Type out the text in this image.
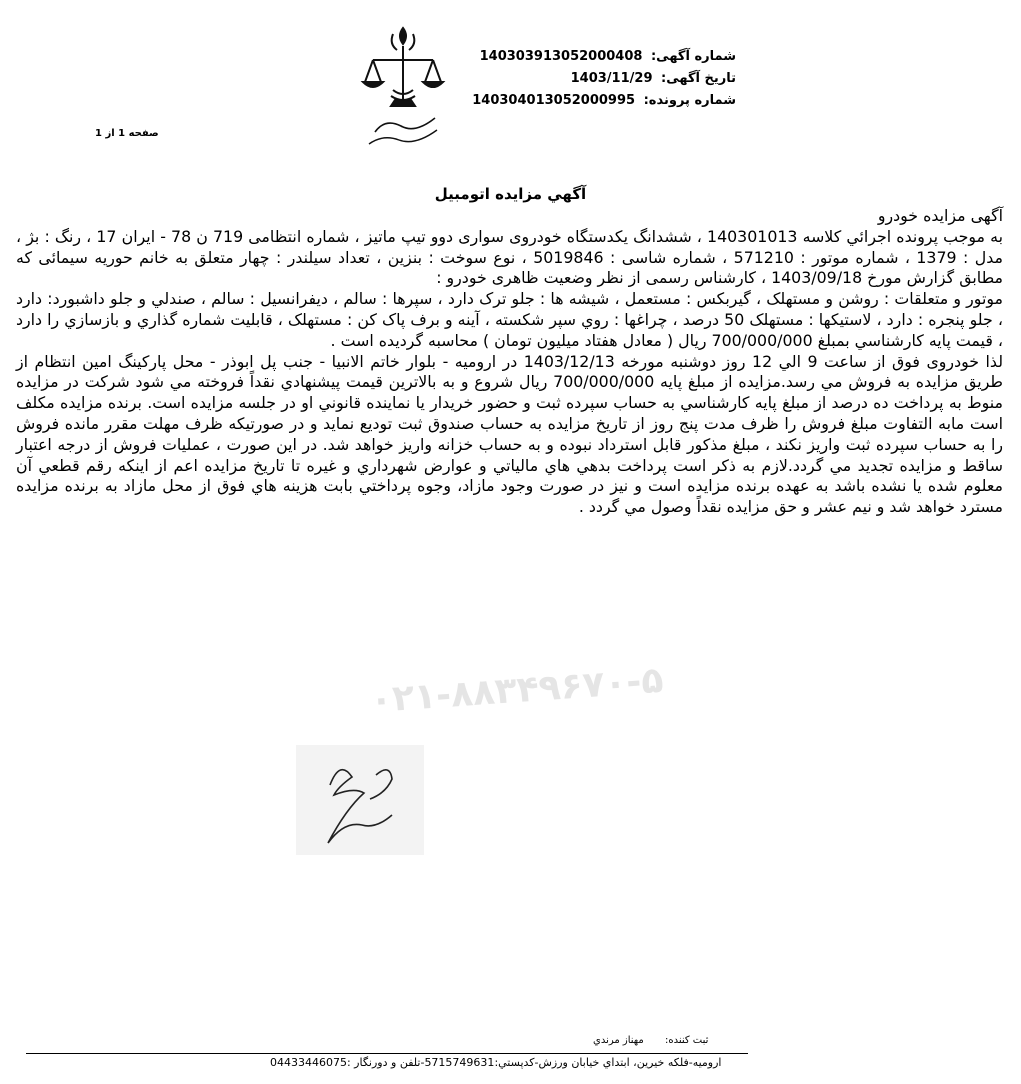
شماره آگهی: 140303913052000408
تاریخ آگهی: 1403/11/29
شماره پرونده: 140304013052000995
صفحه 1 از 1
آگهي مزايده اتومبيل

آگهی مزایده خودرو

به موجب پرونده اجرائي كلاسه 140301013 ، ششدانگ يكدستگاه خودروی سواری دوو تيپ ماتيز ، شماره انتظامی 719 ن 78 - ايران 17 ، رنگ : بژ ، مدل : 1379 ، شماره موتور : 571210 ، شماره شاسی : 5019846 ، نوع سوخت : بنزين ، تعداد سيلندر : چهار متعلق به خانم حوريه سيمائی كه مطابق گزارش مورخ 1403/09/18 ، كارشناس رسمی از نظر وضعيت ظاهری خودرو :

موتور و متعلقات : روشن و مستهلک ، گيربكس : مستعمل ، شيشه ها : جلو ترک دارد ، سپرها : سالم ، ديفرانسيل : سالم ، صندلي و جلو داشبورد: دارد ، جلو پنجره : دارد ، لاستيكها : مستهلک 50 درصد ، چراغها : روي سپر شكسته ، آينه و برف پاک كن : مستهلک ، قابليت شماره گذاري و بازسازي را دارد ، قيمت پايه كارشناسي بمبلغ 700/000/000 ريال ( معادل هفتاد ميليون تومان ) محاسبه گرديده است .

لذا خودروی فوق از ساعت 9 الي 12 روز دوشنبه مورخه 1403/12/13 در اروميه - بلوار خاتم الانبيا - جنب پل ابوذر - محل پاركينگ امين انتظام از طريق مزايده به فروش مي رسد.مزايده از مبلغ پايه 700/000/000 ريال شروع و به بالاترين قيمت پيشنهادي نقداً فروخته مي شود شركت در مزايده منوط به پرداخت ده درصد از مبلغ پايه كارشناسي به حساب سپرده ثبت و حضور خريدار يا نماينده قانوني او در جلسه مزايده است. برنده مزايده مكلف است مابه التفاوت مبلغ فروش را ظرف مدت پنج روز از تاريخ مزايده به حساب صندوق ثبت توديع نمايد و در صورتيكه ظرف مهلت مقرر مانده فروش را به حساب سپرده ثبت واريز نكند ، مبلغ مذكور قابل استرداد نبوده و به حساب خزانه واريز خواهد شد. در اين صورت ، عمليات فروش از درجه اعتبار ساقط و مزايده تجديد مي گردد.لازم به ذكر است پرداخت بدهي هاي مالياتي و عوارض شهرداري و غيره تا تاريخ مزايده اعم از اينكه رقم قطعي آن معلوم شده يا نشده باشد به عهده برنده مزايده است و نيز در صورت وجود مازاد، وجوه پرداختي بابت هزينه هاي فوق از محل مازاد به برنده مزايده مسترد خواهد شد و نيم عشر و حق مزايده نقداً وصول مي گردد .

۰۲۱-۸۸۳۴۹۶۷۰-۵
ثبت كننده: مهناز مرندي
اروميه-فلكه خيرين، ابتداي خيابان ورزش-كدپستي:5715749631-تلفن و دورنگار :04433446075
